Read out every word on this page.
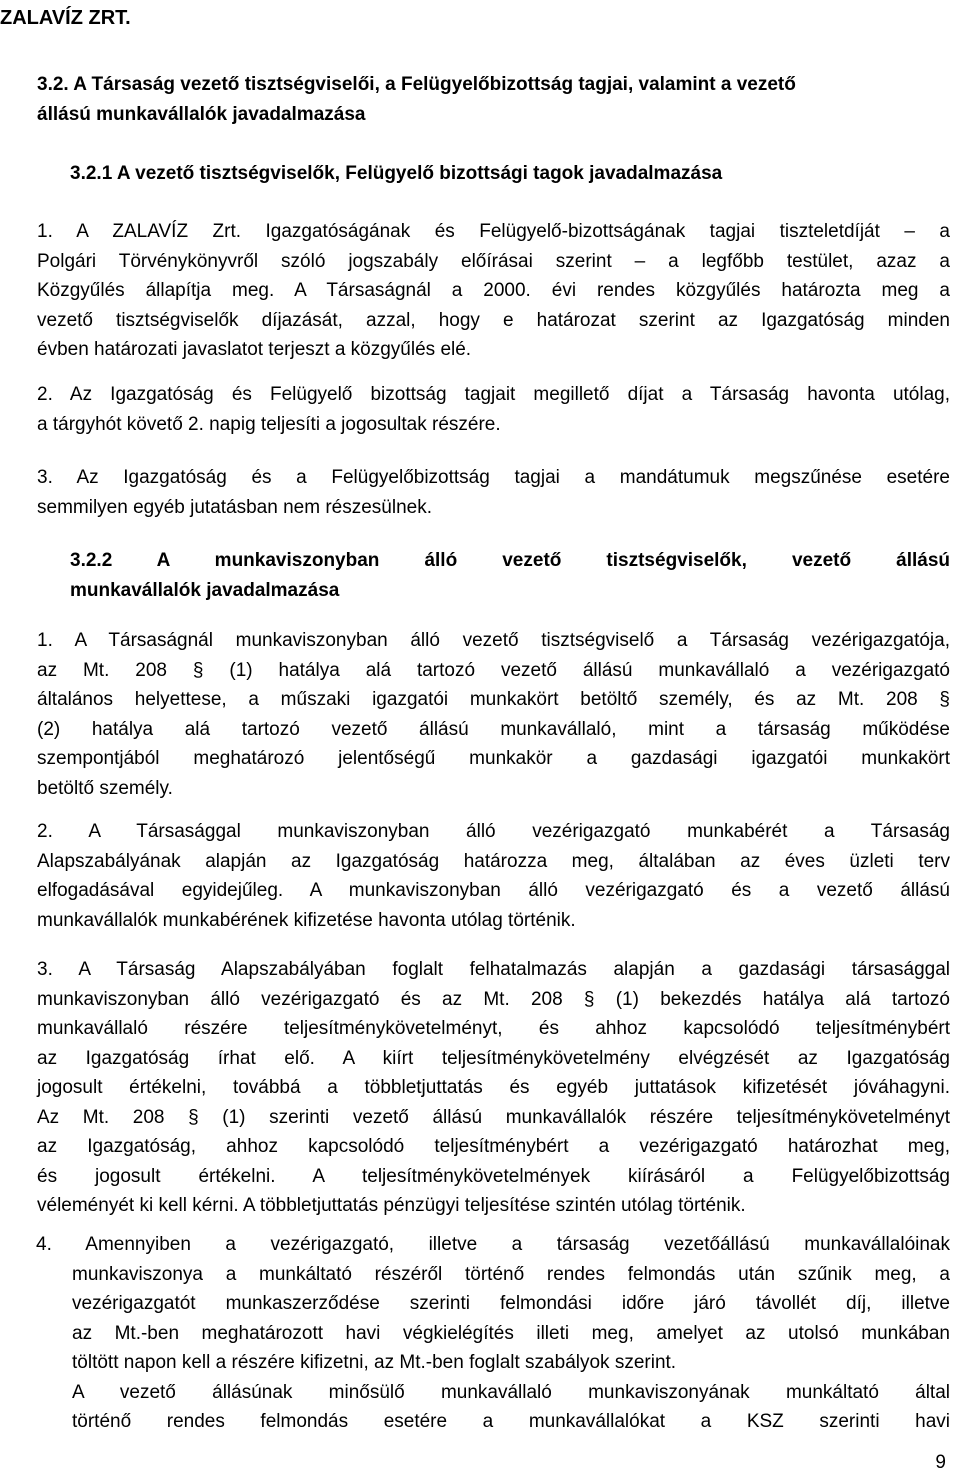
ZALAVÍZ ZRT.
3.2. A Társaság vezető tisztségviselői, a Felügyelőbizottság tagjai, valamint a vezető
állású munkavállalók javadalmazása
3.2.1 A vezető tisztségviselők, Felügyelő bizottsági tagok javadalmazása
1. A ZALAVÍZ Zrt. Igazgatóságának és Felügyelő-bizottságának tagjai tiszteletdíját – a
Polgári Törvénykönyvről szóló jogszabály előírásai szerint – a legfőbb testület, azaz a
Közgyűlés állapítja meg. A Társaságnál a 2000. évi rendes közgyűlés határozta meg a
vezető tisztségviselők díjazását, azzal, hogy e határozat szerint az Igazgatóság minden
évben határozati javaslatot terjeszt a közgyűlés elé.
2. Az Igazgatóság és Felügyelő bizottság tagjait megillető díjat a Társaság havonta utólag,
a tárgyhót követő 2. napig teljesíti a jogosultak részére.
3. Az Igazgatóság és a Felügyelőbizottság tagjai a mandátumuk megszűnése esetére
semmilyen egyéb jutatásban nem részesülnek.
3.2.2 A munkaviszonyban álló vezető tisztségviselők, vezető állású
munkavállalók javadalmazása
1. A Társaságnál munkaviszonyban álló vezető tisztségviselő a Társaság vezérigazgatója,
az Mt. 208 § (1) hatálya alá tartozó vezető állású munkavállaló a vezérigazgató
általános helyettese, a műszaki igazgatói munkakört betöltő személy, és az Mt. 208 §
(2) hatálya alá tartozó vezető állású munkavállaló, mint a társaság működése
szempontjából meghatározó jelentőségű munkakör a gazdasági igazgatói munkakört
betöltő személy.
2. A Társasággal munkaviszonyban álló vezérigazgató munkabérét a Társaság
Alapszabályának alapján az Igazgatóság határozza meg, általában az éves üzleti terv
elfogadásával egyidejűleg. A munkaviszonyban álló vezérigazgató és a vezető állású
munkavállalók munkabérének kifizetése havonta utólag történik.
3. A Társaság Alapszabályában foglalt felhatalmazás alapján a gazdasági társasággal
munkaviszonyban álló vezérigazgató és az Mt. 208 § (1) bekezdés hatálya alá tartozó
munkavállaló részére teljesítménykövetelményt, és ahhoz kapcsolódó teljesítménybért
az Igazgatóság írhat elő. A kiírt teljesítménykövetelmény elvégzését az Igazgatóság
jogosult értékelni, továbbá a többletjuttatás és egyéb juttatások kifizetését jóváhagyni.
Az Mt. 208 § (1) szerinti vezető állású munkavállalók részére teljesítménykövetelményt
az Igazgatóság, ahhoz kapcsolódó teljesítménybért a vezérigazgató határozhat meg,
és jogosult értékelni. A teljesítménykövetelmények kiírásáról a Felügyelőbizottság
véleményét ki kell kérni. A többletjuttatás pénzügyi teljesítése szintén utólag történik.
4. Amennyiben a vezérigazgató, illetve a társaság vezetőállású munkavállalóinak
munkaviszonya a munkáltató részéről történő rendes felmondás után szűnik meg, a
vezérigazgatót munkaszerződése szerinti felmondási időre járó távollét díj, illetve
az Mt.-ben meghatározott havi végkielégítés illeti meg, amelyet az utolsó munkában
töltött napon kell a részére kifizetni, az Mt.-ben foglalt szabályok szerint.
A vezető állásúnak minősülő munkavállaló munkaviszonyának munkáltató által
történő rendes felmondás esetére a munkavállalókat a KSZ szerinti havi
9
